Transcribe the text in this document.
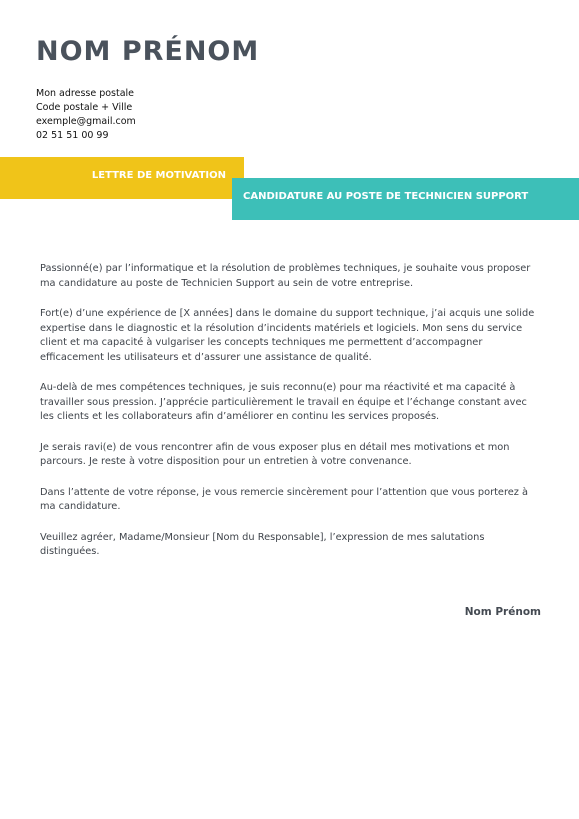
NOM PRÉNOM
Mon adresse postale
Code postale + Ville
exemple@gmail.com
02 51 51 00 99
LETTRE DE MOTIVATION
CANDIDATURE AU POSTE DE TECHNICIEN SUPPORT

Passionné(e) par l’informatique et la résolution de problèmes techniques, je souhaite vous proposer ma candidature au poste de Technicien Support au sein de votre entreprise.

Fort(e) d’une expérience de [X années] dans le domaine du support technique, j’ai acquis une solide expertise dans le diagnostic et la résolution d’incidents matériels et logiciels. Mon sens du service client et ma capacité à vulgariser les concepts techniques me permettent d’accompagner efficacement les utilisateurs et d’assurer une assistance de qualité.

Au-delà de mes compétences techniques, je suis reconnu(e) pour ma réactivité et ma capacité à travailler sous pression. J’apprécie particulièrement le travail en équipe et l’échange constant avec les clients et les collaborateurs afin d’améliorer en continu les services proposés.

Je serais ravi(e) de vous rencontrer afin de vous exposer plus en détail mes motivations et mon parcours. Je reste à votre disposition pour un entretien à votre convenance.

Dans l’attente de votre réponse, je vous remercie sincèrement pour l’attention que vous porterez à ma candidature.

Veuillez agréer, Madame/Monsieur [Nom du Responsable], l’expression de mes salutations distinguées.

Nom Prénom
